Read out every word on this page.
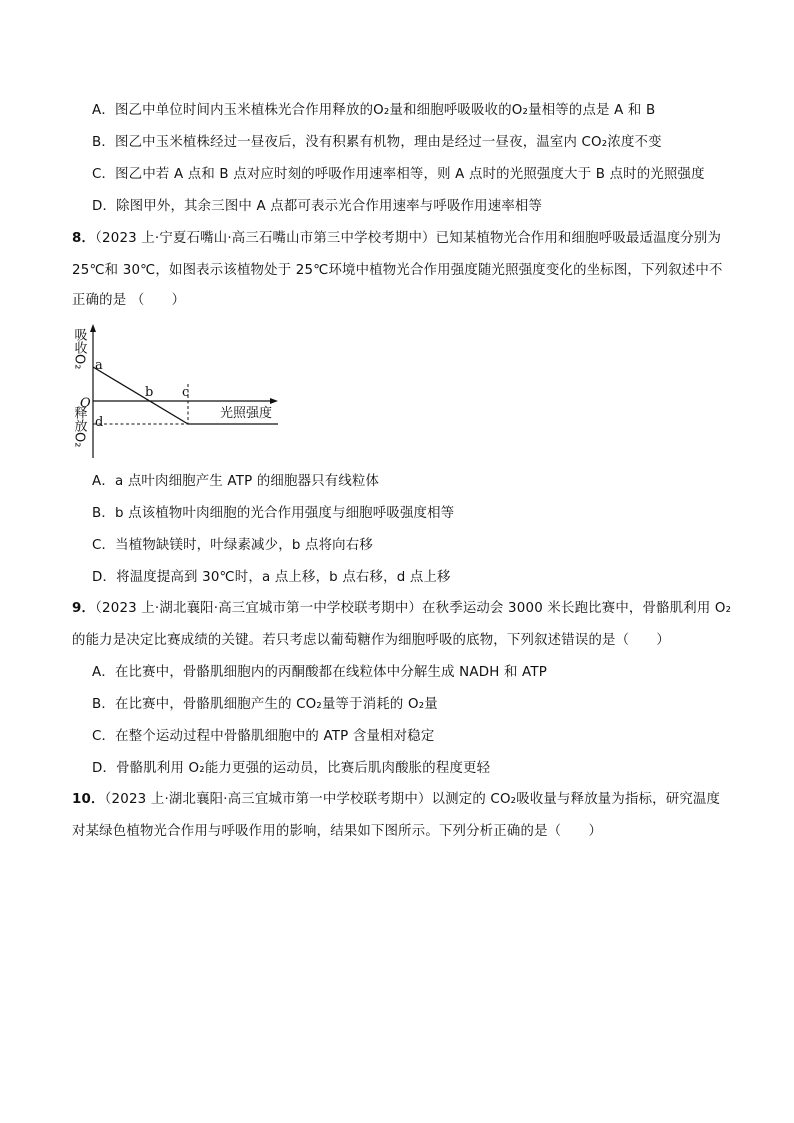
A．图乙中单位时间内玉米植株光合作用释放的O₂量和细胞呼吸吸收的O₂量相等的点是 A 和 B
B．图乙中玉米植株经过一昼夜后，没有积累有机物，理由是经过一昼夜，温室内 CO₂浓度不变
C．图乙中若 A 点和 B 点对应时刻的呼吸作用速率相等，则 A 点时的光照强度大于 B 点时的光照强度
D．除图甲外，其余三图中 A 点都可表示光合作用速率与呼吸作用速率相等
8．（2023 上·宁夏石嘴山·高三石嘴山市第三中学校考期中）已知某植物光合作用和细胞呼吸最适温度分别为
25℃和 30℃，如图表示该植物处于 25℃环境中植物光合作用强度随光照强度变化的坐标图，下列叙述中不
正确的是 （　　）
a
b c
d
O
光照强度
吸收O₂
释放O₂
A．a 点叶肉细胞产生 ATP 的细胞器只有线粒体
B．b 点该植物叶肉细胞的光合作用强度与细胞呼吸强度相等
C．当植物缺镁时，叶绿素减少，b 点将向右移
D．将温度提高到 30℃时，a 点上移，b 点右移，d 点上移
9．（2023 上·湖北襄阳·高三宜城市第一中学校联考期中）在秋季运动会 3000 米长跑比赛中，骨骼肌利用 O₂
的能力是决定比赛成绩的关键。若只考虑以葡萄糖作为细胞呼吸的底物，下列叙述错误的是（　　）
A．在比赛中，骨骼肌细胞内的丙酮酸都在线粒体中分解生成 NADH 和 ATP
B．在比赛中，骨骼肌细胞产生的 CO₂量等于消耗的 O₂量
C．在整个运动过程中骨骼肌细胞中的 ATP 含量相对稳定
D．骨骼肌利用 O₂能力更强的运动员，比赛后肌肉酸胀的程度更轻
10．（2023 上·湖北襄阳·高三宜城市第一中学校联考期中）以测定的 CO₂吸收量与释放量为指标，研究温度
对某绿色植物光合作用与呼吸作用的影响，结果如下图所示。下列分析正确的是（　　）
